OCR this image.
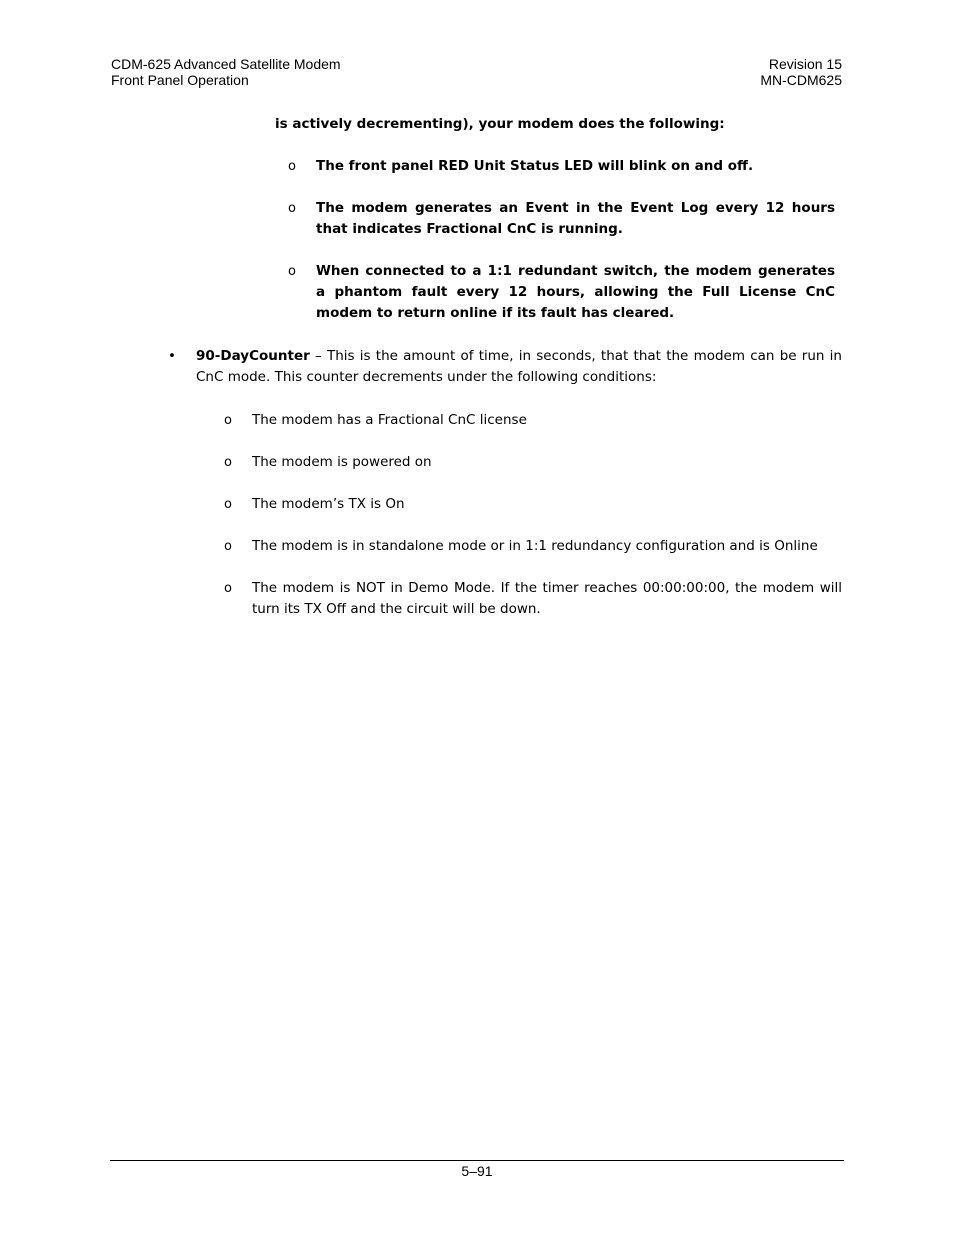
CDM-625 Advanced Satellite Modem
Front Panel Operation
Revision 15
MN-CDM625
is actively decrementing), your modem does the following:
o The front panel RED Unit Status LED will blink on and off.
o The modem generates an Event in the Event Log every 12 hours that indicates Fractional CnC is running.
o When connected to a 1:1 redundant switch, the modem generates a phantom fault every 12 hours, allowing the Full License CnC modem to return online if its fault has cleared.
• 90-DayCounter – This is the amount of time, in seconds, that that the modem can be run in CnC mode. This counter decrements under the following conditions:
o The modem has a Fractional CnC license
o The modem is powered on
o The modem’s TX is On
o The modem is in standalone mode or in 1:1 redundancy configuration and is Online
o The modem is NOT in Demo Mode. If the timer reaches 00:00:00:00, the modem will turn its TX Off and the circuit will be down.
5–91
